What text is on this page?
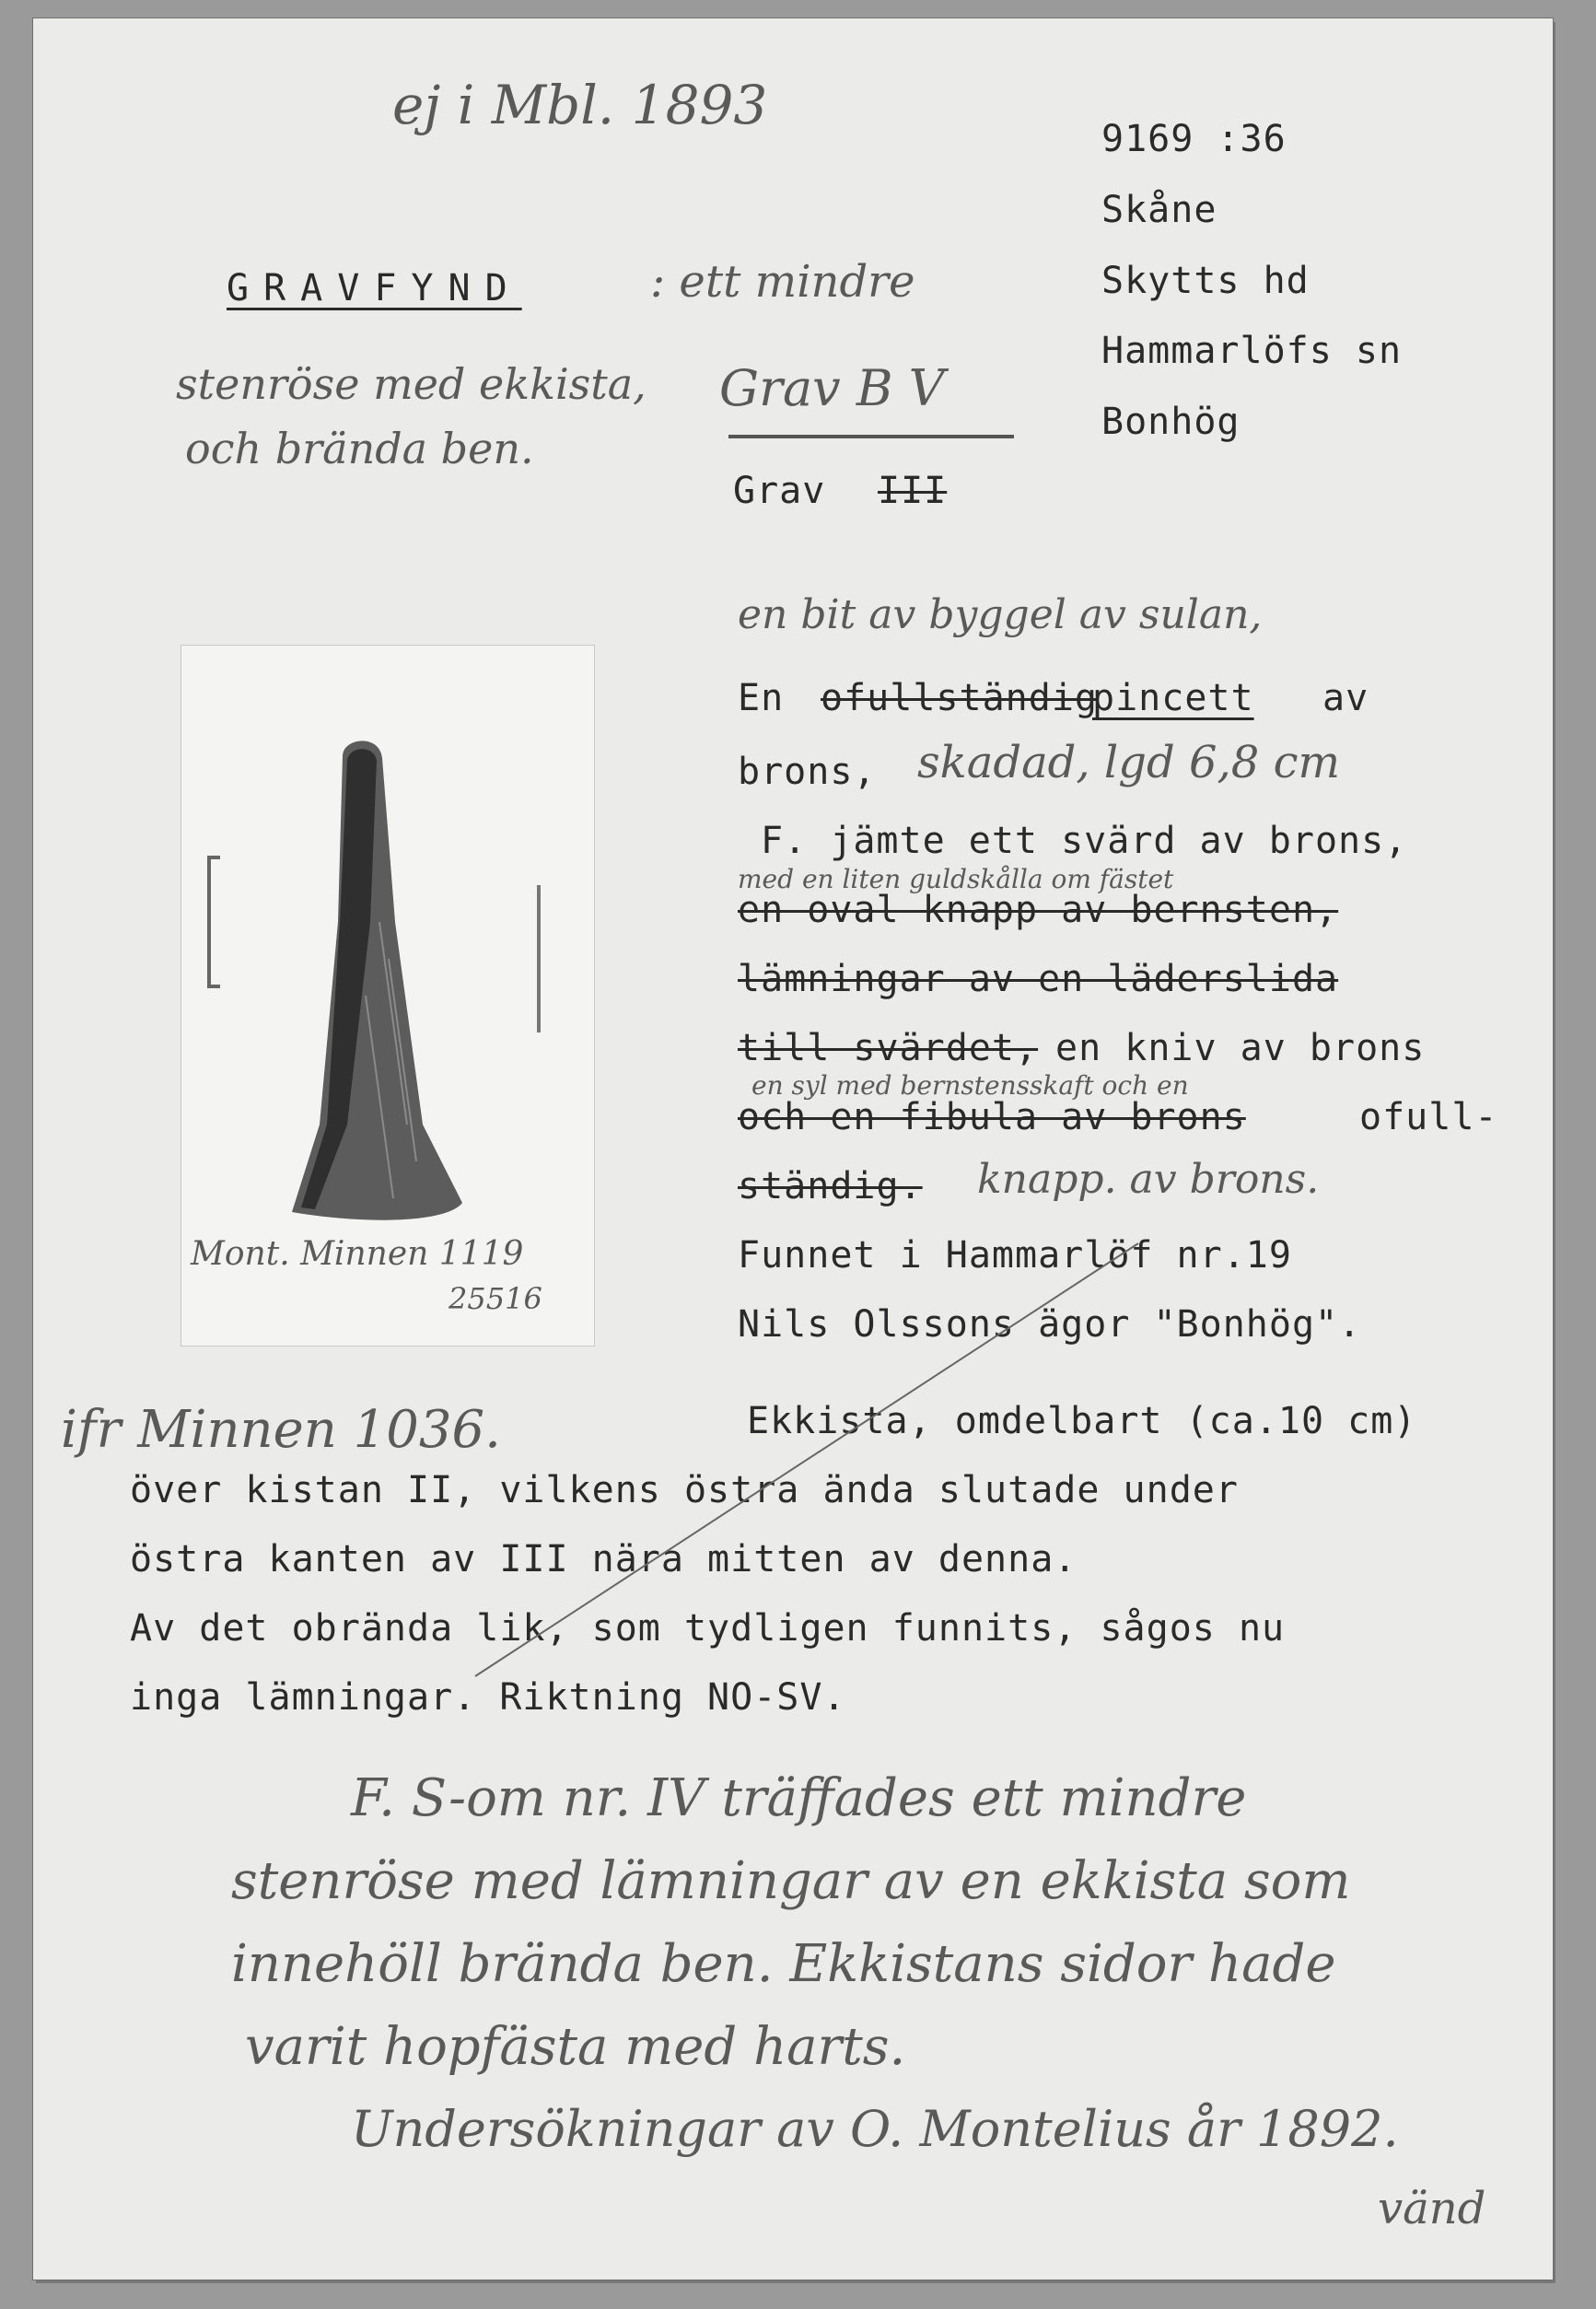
9169 :36
Skåne
Skytts hd
Hammarlöfs sn
Bonhög
ej i Mbl. 1893
GRAVFYND	: ett mindre
stenröse med ekkista,
och brända ben.
Grav B V
Grav III
Mont. Minnen 1119
25516
en bit av byggel av sulan,
En ofullständig
pincett av
brons, skadad, lgd 6,8 cm
F. jämte ett svärd av brons,
med en liten guldskålla om fästet
en oval knapp av bernsten,
lämningar av en läderslida
till svärdet, en kniv av brons
en syl med bernstensskaft och en
och en fibula av brons	ofull-
ständig. knapp. av brons.
Funnet i Hammarlöf nr.19
Nils Olssons ägor "Bonhög".
ifr Minnen 1036.	Ekkista, omdelbart (ca.10 cm)
över kistan II, vilkens östra ända slutade under
östra kanten av III nära mitten av denna.
Av det obrända lik, som tydligen funnits, sågos nu
inga lämningar. Riktning NO-SV.
F. S-om nr. IV träffades ett mindre
stenröse med lämningar av en ekkista som
innehöll brända ben. Ekkistans sidor hade
varit hopfästa med harts.
Undersökningar av O. Montelius år 1892.
vänd
